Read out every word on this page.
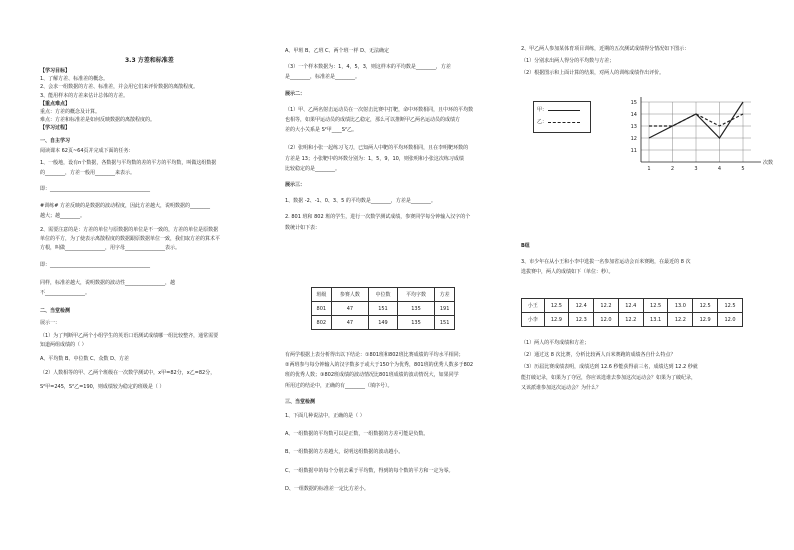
3.3 方差和标准差
【学习目标】
1、了解方差、标准差的概念。
2、会求一组数据的方差、标准差，并会用它们来评价数据的离散程度。
3、能用样本的方差来估计总体的方差。
【重点难点】
重点：方差的概念及计算。
难点：方差和标准差是如何反映数据的离散程度的。
【学习过程】
一、自主学习
阅读课本 62页~64页并完成下面的任务：
1、一般地，设有n个数据，各数据与平均数的差的平方的平均数，叫做这组数据
的________，方差一般用________来表示。
即：________________________________________
#训练# 方差反映的是数据的波动程度，因此方差越大，说明数据的________
越大；越________。
2、需要注意的是：方差的单位与原数据的单位是不一致的，方差的单位是原数据
单位的平方，为了使表示离散程度的数据跟原数据单位一致，我们取方差的算术平
方根，叫做________________，用字母________________表示。
即：________________________________________
同样，标准差越大，说明数据的波动性________________，越
不________________。
二、当堂检测
展示一：
（1）为了判断甲乙两个小组学生的英语口语测试成绩哪一组比较整齐，通常需要
知道两组成绩的（ ）
A、平均数 B、中位数 C、众数 D、方差
（2）人数相等的甲、乙两个班级在一次数学测试中，x甲=82分，x乙=82分，
S²甲=245，S²乙=190，则成绩较为稳定的班级是（ ）
A、甲班 B、乙班 C、两个班一样 D、无法确定
（3）一个样本数据为：1，4，5，3，则这样本的平均数是________，方差
是________，标准差是________。
展示二：
（1）甲、乙两名射击运动员在一次射击比赛中打靶，命中环数相同，且中环的平均数
也相等，如果甲运动员的成绩比乙稳定，那么可以推断甲乙两名运动员的成绩方
差的大小关系是 S²甲____S²乙。
（2）张明和小张一起练习飞刀，已知两人中靶的平均环数相同，且在李明靶环数的
方差是 13；小张靶中的环数分别为：1，5，9，10，则张明和小张这次练习成绩
比较稳定的是________。
展示三：
1、数据 -2、-1、0、3、5 的平均数是________，方差是________。
2. 801 班和 802 班的学生，进行一次数学测试成绩，参赛同学每分钟输入汉字的个
数统计如下表：
班级	参赛人数	中位数	平均字数	方差
801	47	151	135	191
802	47	149	135	151
有两学根据上表分析得出以下结论：①801班和802班比赛成绩的平均水平相同；
②两班参与每分钟输入的汉字数多于或大于150个为优秀，801班的优秀人数多于802
班的优秀人数；③802班成绩的波动情况比801班成绩的波动情况大，如果同学
所用过的结论中，正确的有________（填序号）。
三、当堂检测
1、下面几种说法中，正确的是（ ）
A、一组数据的平均数可以是正数，一组数据的方差可能是负数。
B、一组数据的方差越大，说明这组数据的波动越小。
C、一组数据中的每个分别去乘于平均数，得到的每个数的平方和一定为零。
D、一组数据的标准差一定比方差小。
2、甲乙两人参加某体育项目训练，近期的五次测试成绩得分情况如下图示：
（1）分别求出两人得分的平均数与方差；
（2）根据图示和上面计算的结果，对两人的训练成绩作出评价。
甲：
乙：
11
12
13
14
15
1	2	3	4	5
次数
B组
3、市少年在从小王和小李中选拔一名参加省运动会百米赛跑，在最近的 8 次
选拔赛中，两人的成绩如下（单位：秒）。
小王	12.5	12.4	12.2	12.4	12.5	13.0	12.5	12.5
小李	12.9	12.3	12.0	12.2	13.1	12.2	12.9	12.0
（1）两人的平均成绩和方差；
（2）通过这 8 次比赛，分析比较两人百米赛跑的成绩各自什么特点？
（3）历届比赛成绩表明，成绩达到 12.6 秒能获得前三名，成绩达到 12.2 秒就
能打破记录，如果为了夺冠，你应该选谁去参加这次运动会？如果为了破纪录，
又该派谁参加这次运动会？为什么？
